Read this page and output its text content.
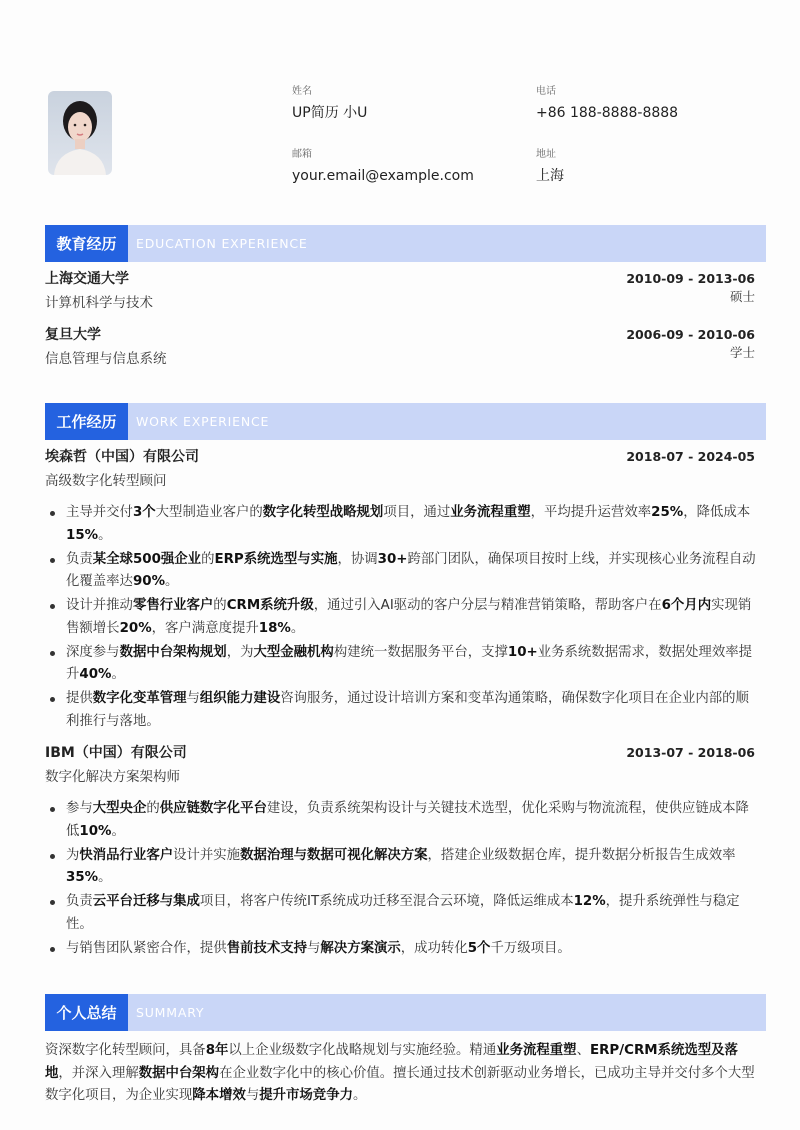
姓名
UP简历 小U
电话
+86 188-8888-8888
邮箱
your.email@example.com
地址
上海
教育经历	EDUCATION EXPERIENCE
上海交通大学	2010-09 - 2013-06
硕士
计算机科学与技术
复旦大学	2006-09 - 2010-06
学士
信息管理与信息系统
工作经历	WORK EXPERIENCE
埃森哲（中国）有限公司	2018-07 - 2024-05
高级数字化转型顾问
主导并交付3个大型制造业客户的数字化转型战略规划项目，通过业务流程重塑，平均提升运营效率25%，降低成本15%。
负责某全球500强企业的ERP系统选型与实施，协调30+跨部门团队，确保项目按时上线，并实现核心业务流程自动化覆盖率达90%。
设计并推动零售行业客户的CRM系统升级，通过引入AI驱动的客户分层与精准营销策略，帮助客户在6个月内实现销售额增长20%，客户满意度提升18%。
深度参与数据中台架构规划，为大型金融机构构建统一数据服务平台，支撑10+业务系统数据需求，数据处理效率提升40%。
提供数字化变革管理与组织能力建设咨询服务，通过设计培训方案和变革沟通策略，确保数字化项目在企业内部的顺利推行与落地。
IBM（中国）有限公司	2013-07 - 2018-06
数字化解决方案架构师
参与大型央企的供应链数字化平台建设，负责系统架构设计与关键技术选型，优化采购与物流流程，使供应链成本降低10%。
为快消品行业客户设计并实施数据治理与数据可视化解决方案，搭建企业级数据仓库，提升数据分析报告生成效率35%。
负责云平台迁移与集成项目，将客户传统IT系统成功迁移至混合云环境，降低运维成本12%，提升系统弹性与稳定性。
与销售团队紧密合作，提供售前技术支持与解决方案演示，成功转化5个千万级项目。
个人总结	SUMMARY
资深数字化转型顾问，具备8年以上企业级数字化战略规划与实施经验。精通业务流程重塑、ERP/CRM系统选型及落地，并深入理解数据中台架构在企业数字化中的核心价值。擅长通过技术创新驱动业务增长，已成功主导并交付多个大型数字化项目，为企业实现降本增效与提升市场竞争力。
